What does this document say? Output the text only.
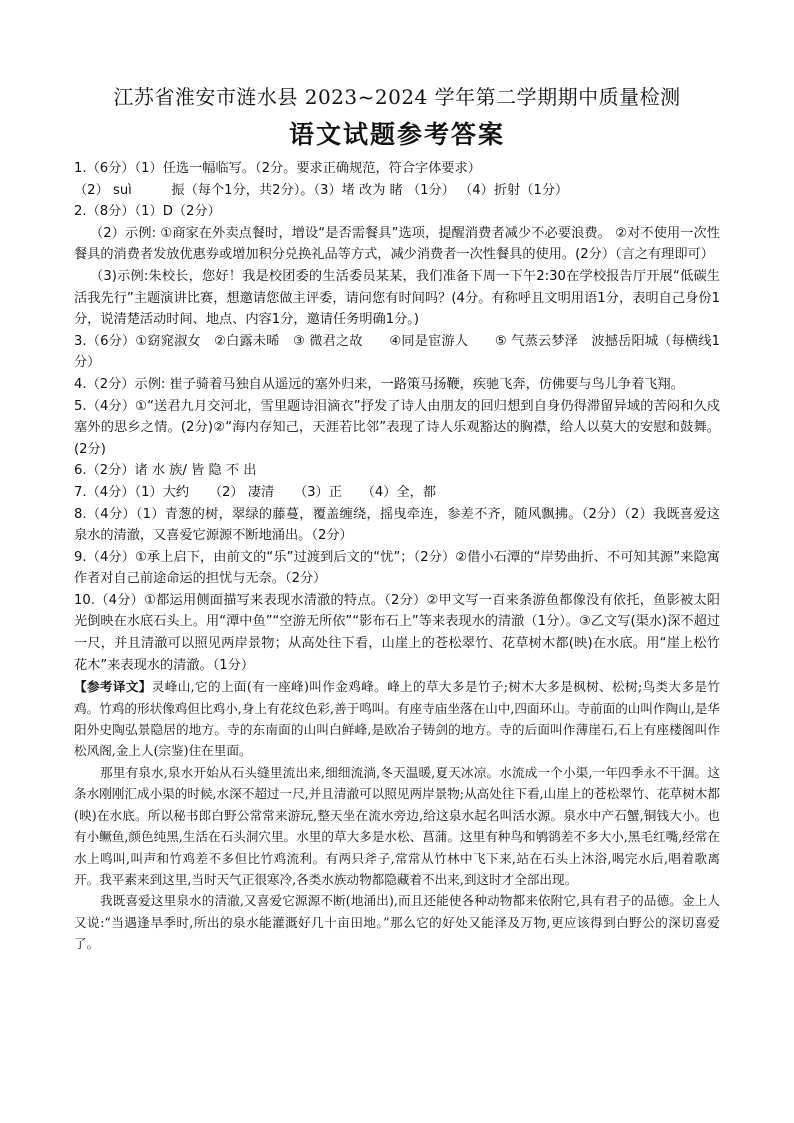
江苏省淮安市涟水县 2023~2024 学年第二学期期中质量检测
语文试题参考答案

1.（6分）（1）任选一幅临写。（2分。要求正确规范，符合字体要求）

（2） suì　　　振（每个1分，共2分）。（3）堵 改为 睹 （1分） （4）折射（1分）

2.（8分）（1）D（2分）

（2）示例: ①商家在外卖点餐时，增设“是否需餐具”选项，提醒消费者减少不必要浪费。 ②对不使用一次性餐具的消费者发放优惠券或增加积分兑换礼品等方式，减少消费者一次性餐具的使用。(2分）（言之有理即可）

（3)示例:朱校长，您好！我是校团委的生活委员某某，我们准备下周一下午2:30在学校报告厅开展“低碳生活我先行”主题演讲比赛，想邀请您做主评委，请问您有时间吗？(4分。有称呼且文明用语1分，表明自己身份1分，说清楚活动时间、地点、内容1分，邀请任务明确1分。)

3.（6分）①窈窕淑女　②白露未晞　③ 微君之故　　④同是宦游人　　⑤ 气蒸云梦泽　波撼岳阳城（每横线1分）

4.（2分）示例: 崔子骑着马独自从遥远的塞外归来，一路策马扬鞭，疾驰飞奔，仿佛要与鸟儿争着飞翔。

5.（4分）①“送君九月交河北，雪里题诗泪滴衣”抒发了诗人由朋友的回归想到自身仍得滞留异域的苦闷和久戍塞外的思乡之情。(2分)②“海内存知己，天涯若比邻”表现了诗人乐观豁达的胸襟，给人以莫大的安慰和鼓舞。(2分)

6.（2分）诸 水 族/ 皆 隐 不 出

7.（4分）（1）大约　　（2） 凄清　　（3）正　　（4）全，都

8.（4分）（1）青葱的树，翠绿的藤蔓，覆盖缠绕，摇曳牵连，参差不齐，随风飘拂。（2分）（2）我既喜爱这泉水的清澈，又喜爱它源源不断地涌出。（2分）

9.（4分）①承上启下，由前文的“乐”过渡到后文的“忧”；（2分）②借小石潭的“岸势曲折、不可知其源”来隐寓作者对自己前途命运的担忧与无奈。（2分）

10.（4分）①都运用侧面描写来表现水清澈的特点。（2分）②甲文写一百来条游鱼都像没有依托，鱼影被太阳光倒映在水底石头上。用“潭中鱼”“空游无所依”“影布石上”等来表现水的清澈（1分）。③乙文写(渠水)深不超过一尺，并且清澈可以照见两岸景物；从高处往下看，山崖上的苍松翠竹、花草树木都(映)在水底。用“崖上松竹花木”来表现水的清澈。（1分）

【参考译文】灵峰山,它的上面(有一座峰)叫作金鸡峰。峰上的草大多是竹子;树木大多是枫树、松树;鸟类大多是竹鸡。竹鸡的形状像鸡但比鸡小,身上有花纹色彩,善于鸣叫。有座寺庙坐落在山中,四面环山。寺前面的山叫作陶山,是华阳外史陶弘景隐居的地方。寺的东南面的山叫白鲜峰,是欧冶子铸剑的地方。寺的后面叫作薄崖石,石上有座楼阁叫作松风阁,金上人(宗鉴)住在里面。

那里有泉水,泉水开始从石头缝里流出来,细细流淌,冬天温暖,夏天冰凉。水流成一个小渠,一年四季永不干涸。这条水刚刚汇成小渠的时候,水深不超过一尺,并且清澈可以照见两岸景物;从高处往下看,山崖上的苍松翠竹、花草树木都(映)在水底。所以秘书郎白野公常常来游玩,整天坐在流水旁边,给这泉水起名叫活水源。泉水中产石蟹,铜钱大小。也有小鳜鱼,颜色纯黑,生活在石头洞穴里。水里的草大多是水松、菖蒲。这里有种鸟和鸲鹆差不多大小,黑毛红嘴,经常在水上鸣叫,叫声和竹鸡差不多但比竹鸡流利。有两只斧子,常常从竹林中飞下来,站在石头上沐浴,喝完水后,唱着歌离开。我平素来到这里,当时天气正很寒冷,各类水族动物都隐藏着不出来,到这时才全部出现。

我既喜爱这里泉水的清澈,又喜爱它源源不断(地涌出),而且还能使各种动物都来依附它,具有君子的品德。金上人又说:“当遇逢旱季时,所出的泉水能灌溉好几十亩田地。”那么它的好处又能泽及万物,更应该得到白野公的深切喜爱了。
